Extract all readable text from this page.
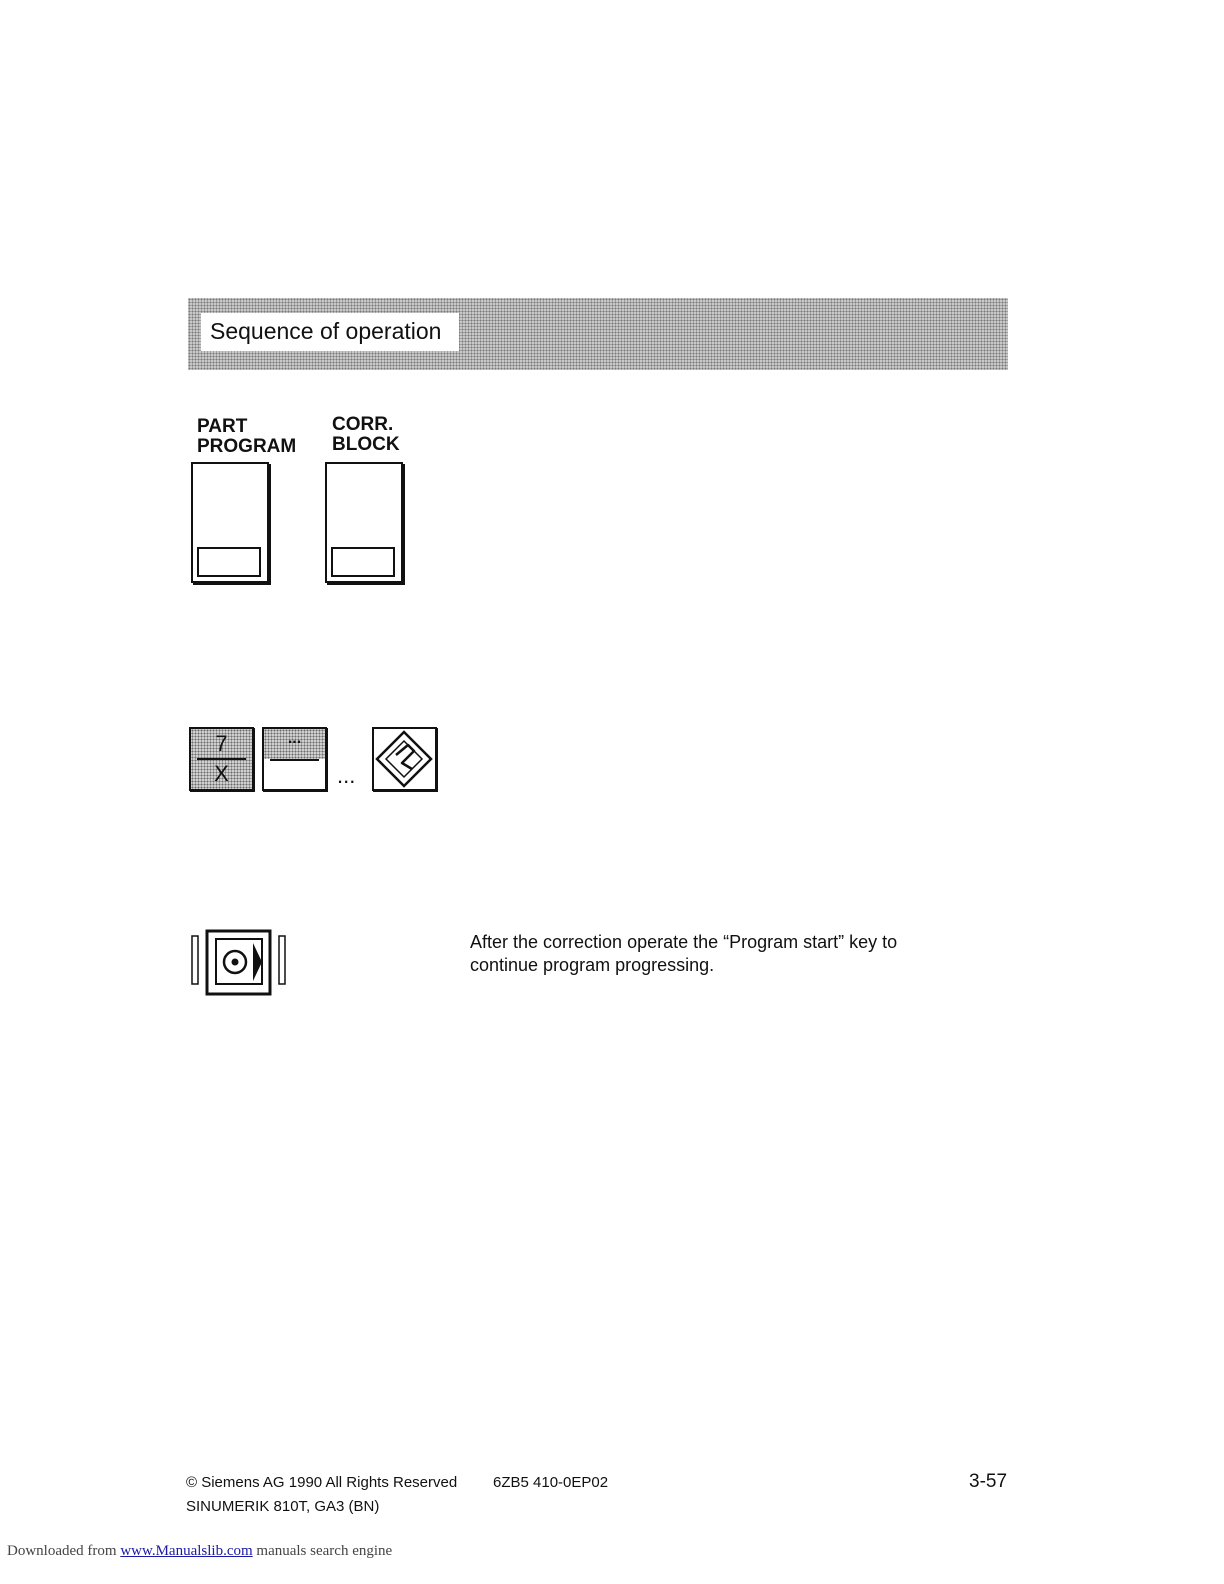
Sequence of operation
PART
PROGRAM
CORR.
BLOCK
7
X
...
...
After the correction operate the “Program start” key to
continue program progressing.
© Siemens AG 1990 All Rights Reserved 6ZB5 410-0EP02
SINUMERIK 810T, GA3 (BN)
3-57
Downloaded from www.Manualslib.com manuals search engine
